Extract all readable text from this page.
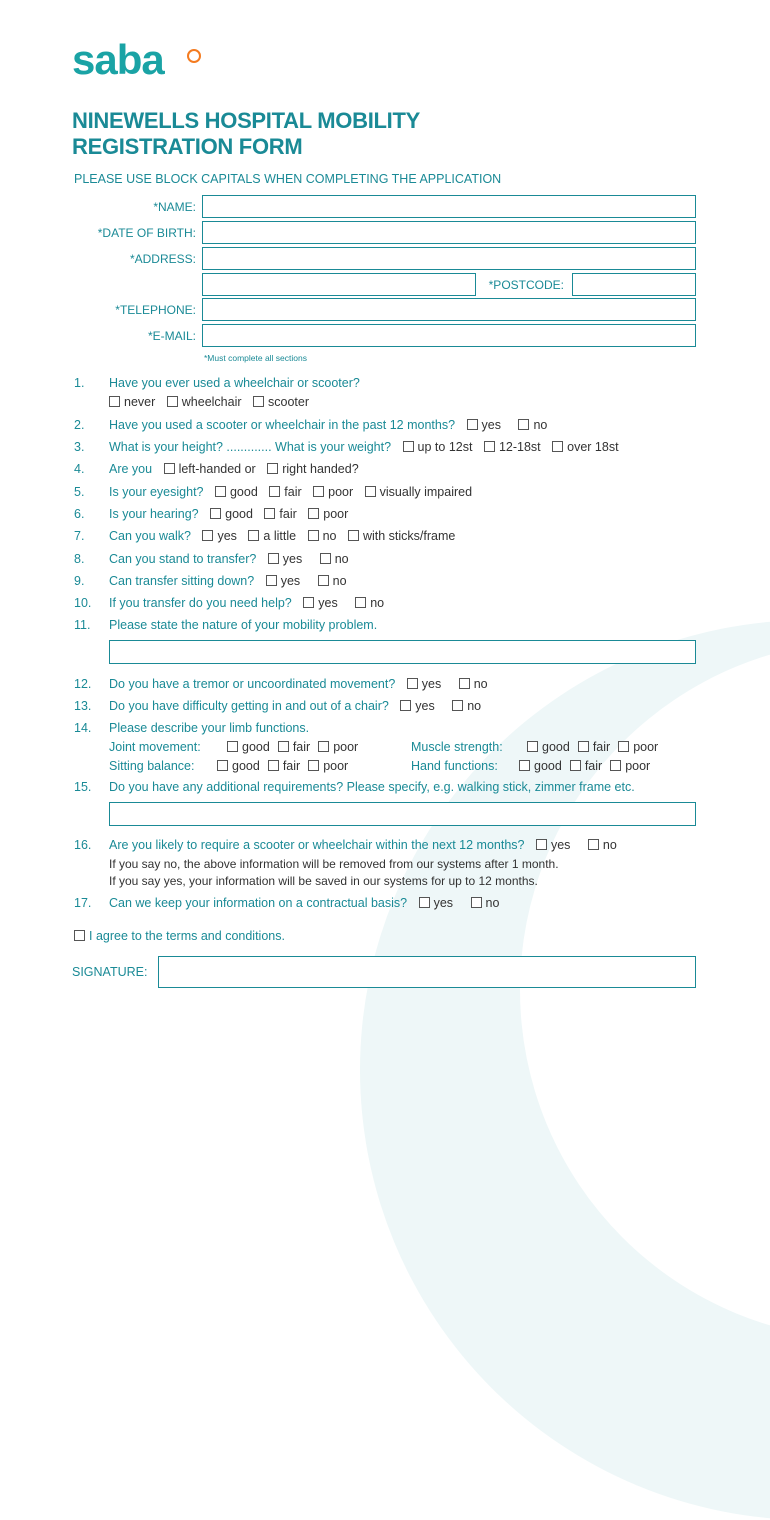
saba
NINEWELLS HOSPITAL MOBILITY
REGISTRATION FORM
PLEASE USE BLOCK CAPITALS WHEN COMPLETING THE APPLICATION
*NAME:
*DATE OF BIRTH:
*ADDRESS:
*POSTCODE:
*TELEPHONE:
*E-MAIL:
*Must complete all sections
1. Have you ever used a wheelchair or scooter?
never wheelchair scooter
2. Have you used a scooter or wheelchair in the past 12 months? yes	no
3. What is your height? ............. What is your weight? up to 12st 12-18st over 18st
4. Are you left-handed or right handed?
5. Is your eyesight? good fair poor visually impaired
6. Is your hearing? good fair poor
7. Can you walk? yes a little no with sticks/frame
8. Can you stand to transfer? yes	no
9. Can transfer sitting down? yes	no
10. If you transfer do you need help? yes	no
11. Please state the nature of your mobility problem.
12. Do you have a tremor or uncoordinated movement? yes	no
13. Do you have difficulty getting in and out of a chair? yes	no
14. Please describe your limb functions.
Joint movement:	good fair poor	Muscle strength:	good fair poor
Sitting balance:	good fair poor	Hand functions:	good fair poor
15. Do you have any additional requirements? Please specify, e.g. walking stick, zimmer frame etc.
16. Are you likely to require a scooter or wheelchair within the next 12 months? yes	no
If you say no, the above information will be removed from our systems after 1 month.
If you say yes, your information will be saved in our systems for up to 12 months.
17. Can we keep your information on a contractual basis? yes	no
I agree to the terms and conditions.
SIGNATURE:
